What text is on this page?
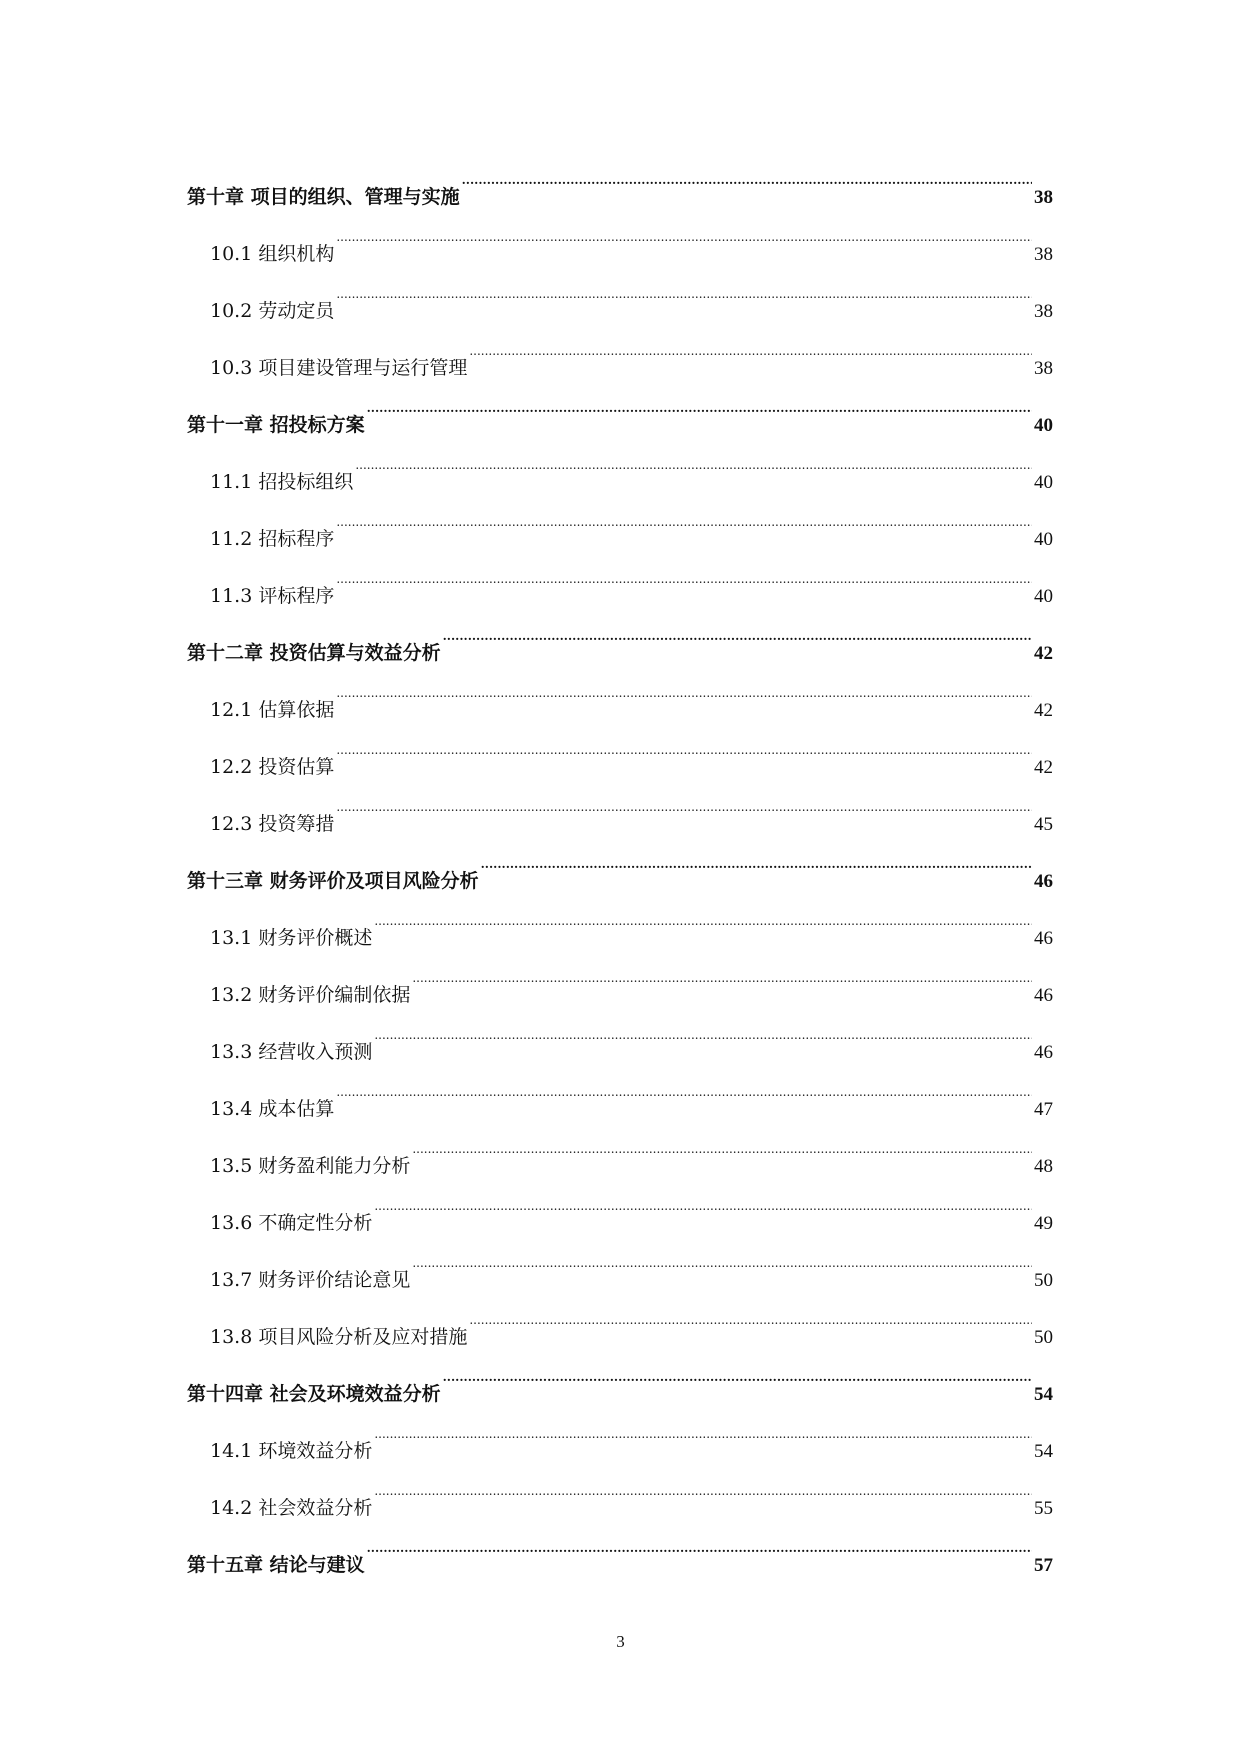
第十章 项目的组织、管理与实施 .....	38
10.1 组织机构 .....	38
10.2 劳动定员 .....	38
10.3 项目建设管理与运行管理 .....	38
第十一章 招投标方案 .....	40
11.1 招投标组织 .....	40
11.2 招标程序 .....	40
11.3 评标程序 .....	40
第十二章 投资估算与效益分析 .....	42
12.1 估算依据 .....	42
12.2 投资估算 .....	42
12.3 投资筹措 .....	45
第十三章 财务评价及项目风险分析 .....	46
13.1 财务评价概述 .....	46
13.2 财务评价编制依据 .....	46
13.3 经营收入预测 .....	46
13.4 成本估算 .....	47
13.5 财务盈利能力分析 .....	48
13.6 不确定性分析 .....	49
13.7 财务评价结论意见 .....	50
13.8 项目风险分析及应对措施 .....	50
第十四章 社会及环境效益分析 .....	54
14.1 环境效益分析 .....	54
14.2 社会效益分析 .....	55
第十五章 结论与建议 .....	57
3
